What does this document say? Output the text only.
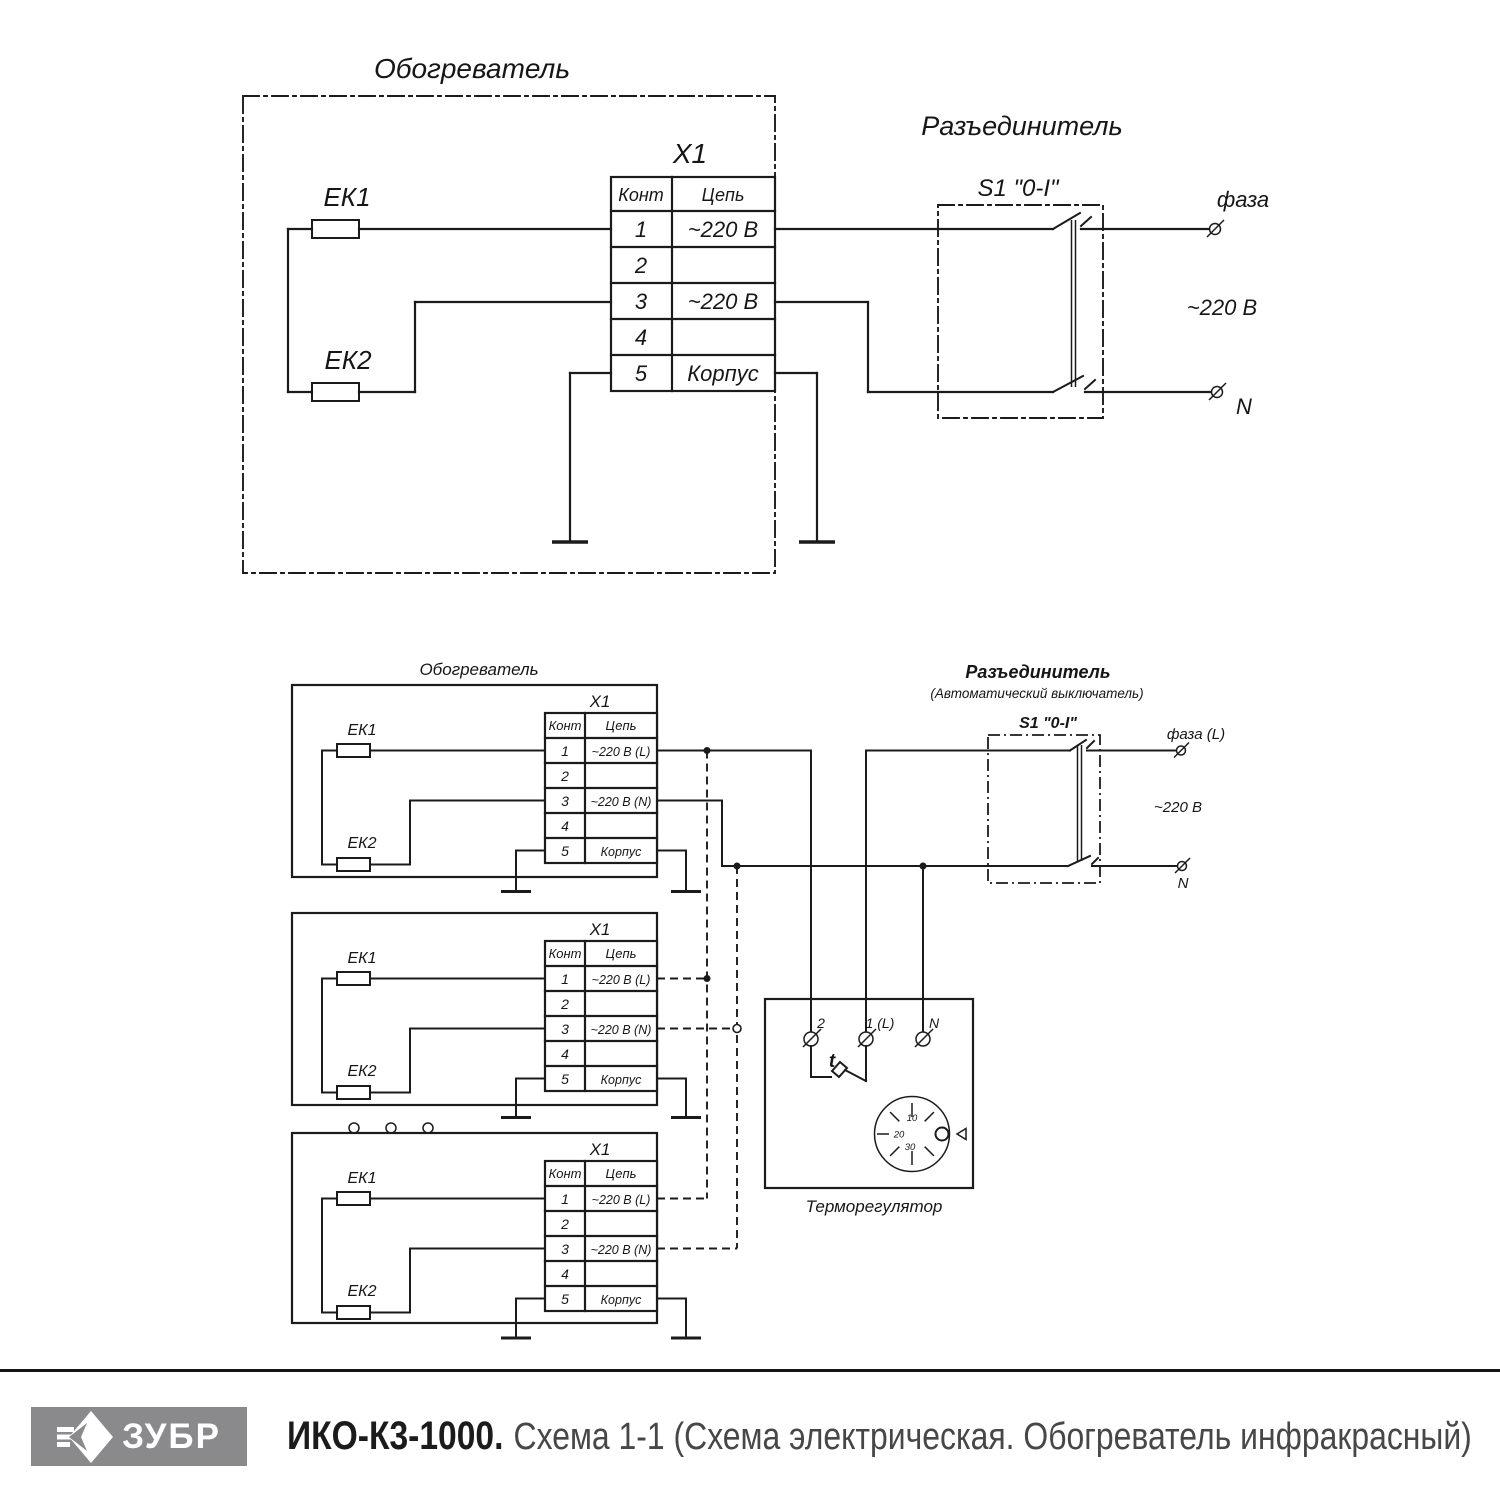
Обогреватель
X1
Конт Цепь
1
2
3
4
5
~220 В
~220 В
Корпус
ЕК1
ЕК2
Разъединитель
S1 "0-I"	фаза
~220 В
N
Обогреватель
X1
Конт Цепь
1
2
3
4
5
~220 В (L)
~220 В (N)
Корпус
ЕК1
ЕК2
X1
Конт Цепь
1
2
3
4
5
~220 В (L)
~220 В (N)
Корпус
ЕК1
ЕК2
X1
Конт Цепь
1
2
3
4
5
~220 В (L)
~220 В (N)
Корпус
ЕК1
ЕК2
Разъединитель
(Автоматический выключатель)
S1 "0-I"
фаза (L)
~220 В
N
2	1 (L) N
t
10
20
30
Терморегулятор
ЗУБР ИКО-К3-1000. Схема 1-1 (Схема электрическая. Обогреватель инфракрасный)
